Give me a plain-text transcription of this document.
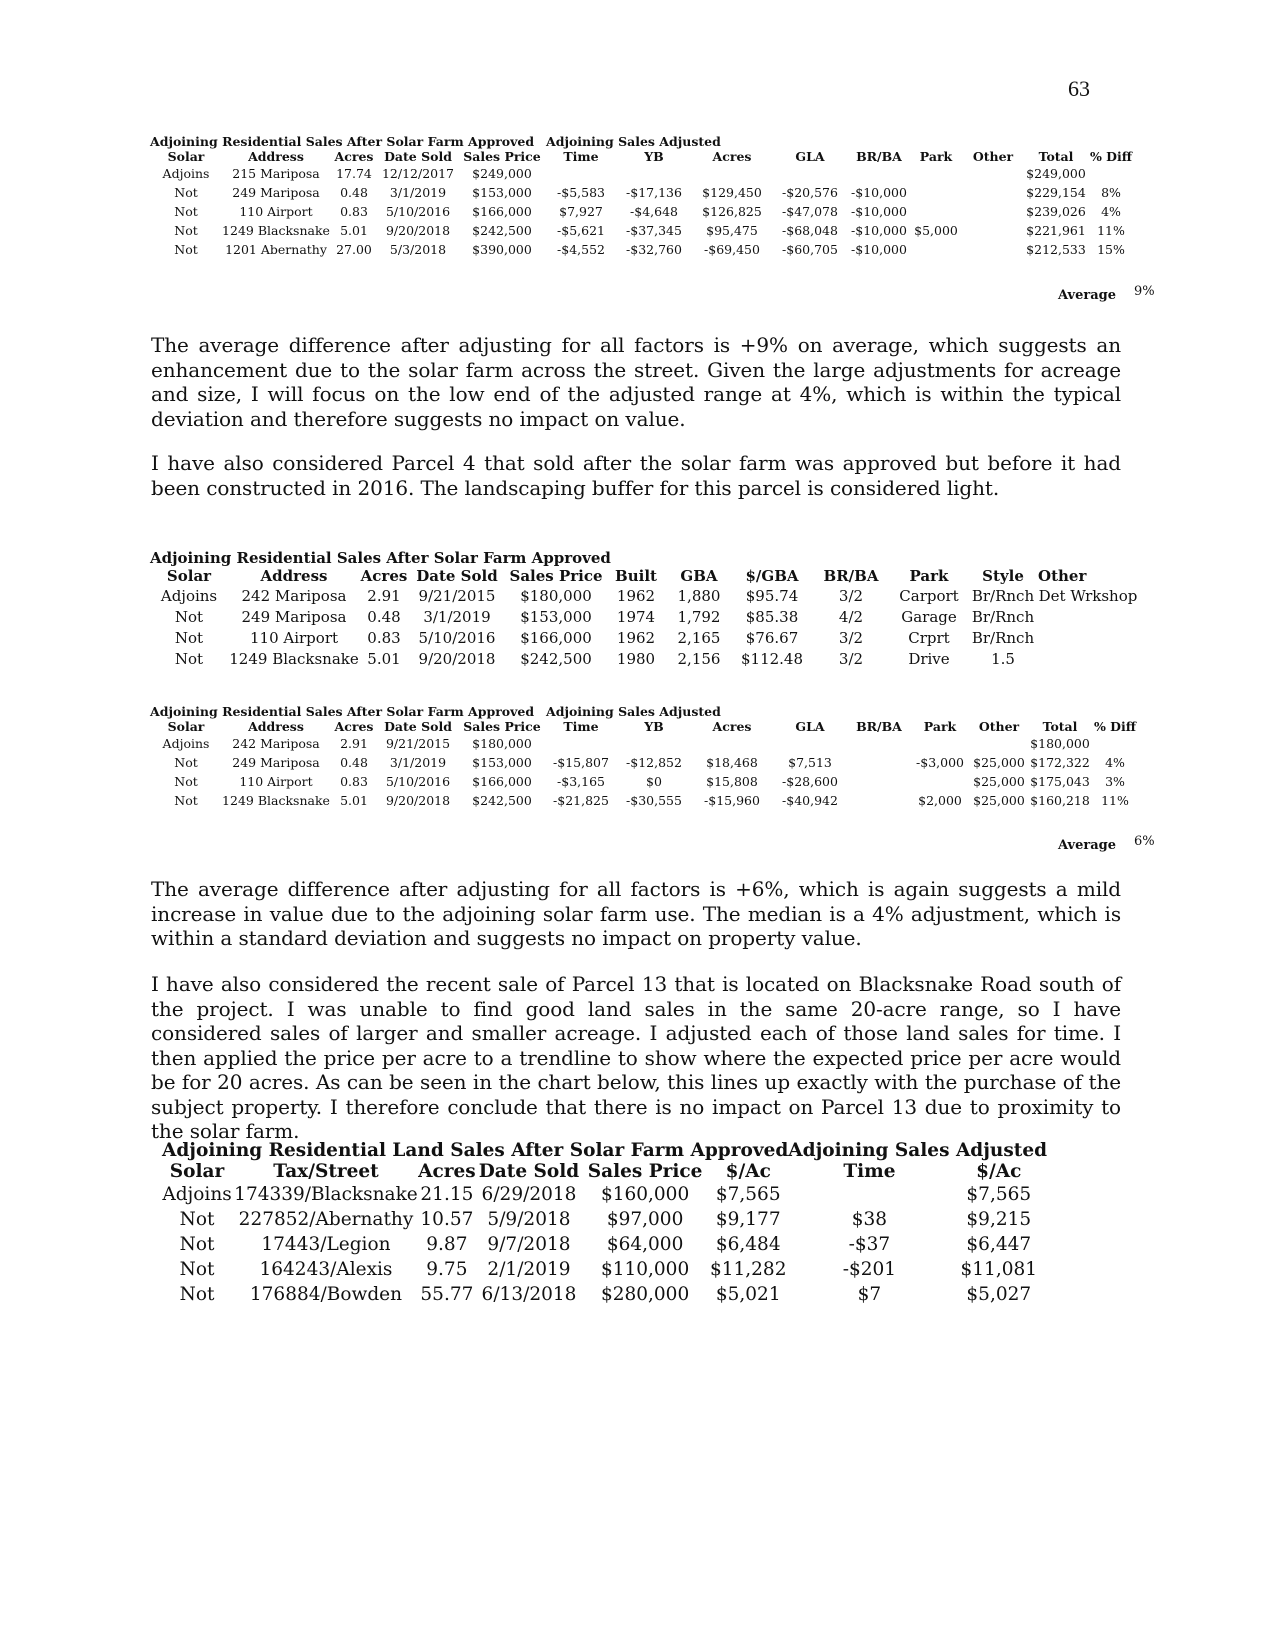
63
Adjoining Residential Sales After Solar Farm Approved					Adjoining Sales Adjusted								
Solar	Address	Acres	Date Sold	Sales Price	Time	YB	Acres	GLA	BR/BA	Park	Other	Total	% Diff
Adjoins	215 Mariposa	17.74	12/12/2017	$249,000								$249,000	
Not	249 Mariposa	0.48	3/1/2019	$153,000	-$5,583	-$17,136	$129,450	-$20,576	-$10,000			$229,154	8%
Not	110 Airport	0.83	5/10/2016	$166,000	$7,927	-$4,648	$126,825	-$47,078	-$10,000			$239,026	4%
Not	1249 Blacksnake	5.01	9/20/2018	$242,500	-$5,621	-$37,345	$95,475	-$68,048	-$10,000	$5,000		$221,961	11%
Not	1201 Abernathy	27.00	5/3/2018	$390,000	-$4,552	-$32,760	-$69,450	-$60,705	-$10,000			$212,533	15%
Average 9%
The average difference after adjusting for all factors is +9% on average, which suggests an enhancement due to the solar farm across the street. Given the large adjustments for acreage and size, I will focus on the low end of the adjusted range at 4%, which is within the typical deviation and therefore suggests no impact on value.
I have also considered Parcel 4 that sold after the solar farm was approved but before it had been constructed in 2016. The landscaping buffer for this parcel is considered light.
Adjoining Residential Sales After Solar Farm Approved											
Solar	Address	Acres	Date Sold	Sales Price	Built	GBA	$/GBA	BR/BA	Park	Style	Other
Adjoins	242 Mariposa	2.91	9/21/2015	$180,000	1962	1,880	$95.74	3/2	Carport	Br/Rnch	Det Wrkshop
Not	249 Mariposa	0.48	3/1/2019	$153,000	1974	1,792	$85.38	4/2	Garage	Br/Rnch	
Not	110 Airport	0.83	5/10/2016	$166,000	1962	2,165	$76.67	3/2	Crprt	Br/Rnch	
Not	1249 Blacksnake	5.01	9/20/2018	$242,500	1980	2,156	$112.48	3/2	Drive	1.5	
Adjoining Residential Sales After Solar Farm Approved					Adjoining Sales Adjusted								
Solar	Address	Acres	Date Sold	Sales Price	Time	YB	Acres	GLA	BR/BA	Park	Other	Total	% Diff
Adjoins	242 Mariposa	2.91	9/21/2015	$180,000								$180,000	
Not	249 Mariposa	0.48	3/1/2019	$153,000	-$15,807	-$12,852	$18,468	$7,513		-$3,000	$25,000	$172,322	4%
Not	110 Airport	0.83	5/10/2016	$166,000	-$3,165	$0	$15,808	-$28,600			$25,000	$175,043	3%
Not	1249 Blacksnake	5.01	9/20/2018	$242,500	-$21,825	-$30,555	-$15,960	-$40,942		$2,000	$25,000	$160,218	11%
Average 6%
The average difference after adjusting for all factors is +6%, which is again suggests a mild increase in value due to the adjoining solar farm use. The median is a 4% adjustment, which is within a standard deviation and suggests no impact on property value.
I have also considered the recent sale of Parcel 13 that is located on Blacksnake Road south of the project. I was unable to find good land sales in the same 20-acre range, so I have considered sales of larger and smaller acreage. I adjusted each of those land sales for time. I then applied the price per acre to a trendline to show where the expected price per acre would be for 20 acres. As can be seen in the chart below, this lines up exactly with the purchase of the subject property. I therefore conclude that there is no impact on Parcel 13 due to proximity to the solar farm.
Adjoining Residential Land Sales After Solar Farm Approved						Adjoining Sales Adjusted	
Solar	Tax/Street	Acres	Date Sold	Sales Price	$/Ac	Time	$/Ac
Adjoins	174339/Blacksnake	21.15	6/29/2018	$160,000	$7,565		$7,565
Not	227852/Abernathy	10.57	5/9/2018	$97,000	$9,177	$38	$9,215
Not	17443/Legion	9.87	9/7/2018	$64,000	$6,484	-$37	$6,447
Not	164243/Alexis	9.75	2/1/2019	$110,000	$11,282	-$201	$11,081
Not	176884/Bowden	55.77	6/13/2018	$280,000	$5,021	$7	$5,027
